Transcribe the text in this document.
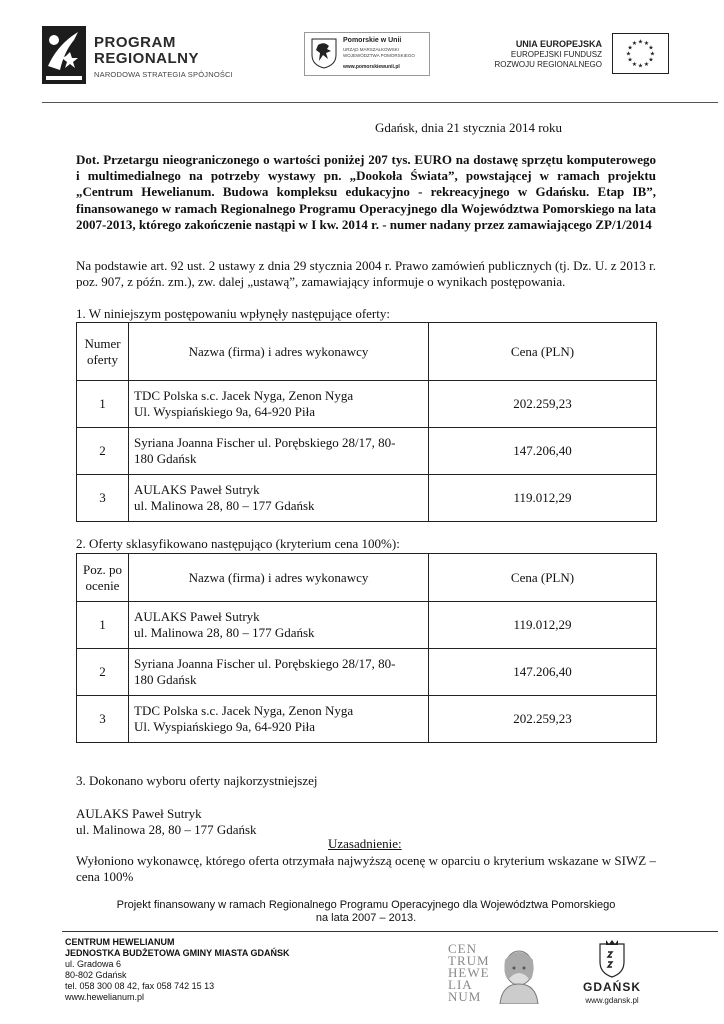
PROGRAM
REGIONALNY
NARODOWA STRATEGIA SPÓJNOŚCI
Pomorskie w Unii
URZĄD MARSZAŁKOWSKI WOJEWÓDZTWA POMORSKIEGO
www.pomorskiewunii.pl
UNIA EUROPEJSKA
EUROPEJSKI FUNDUSZ
ROZWOJU REGIONALNEGO
★ ★
★
★
★
★
★
★
★
★
★
★
Gdańsk, dnia 21 stycznia 2014 roku
Dot. Przetargu nieograniczonego o wartości poniżej 207 tys. EURO na dostawę sprzętu komputerowego i multimedialnego na potrzeby wystawy pn. „Dookoła Świata”, powstającej w ramach projektu „Centrum Hewelianum. Budowa kompleksu edukacyjno - rekreacyjnego w Gdańsku. Etap IB”, finansowanego w ramach Regionalnego Programu Operacyjnego dla Województwa Pomorskiego na lata 2007-2013, którego zakończenie nastąpi w I kw. 2014 r. - numer nadany przez zamawiającego ZP/1/2014
Na podstawie art. 92 ust. 2 ustawy z dnia 29 stycznia 2004 r. Prawo zamówień publicznych (tj. Dz. U. z 2013 r. poz. 907, z późn. zm.), zw. dalej „ustawą”, zamawiający informuje o wynikach postępowania.
1. W niniejszym postępowaniu wpłynęły następujące oferty:
Numer oferty	Nazwa (firma) i adres wykonawcy	Cena (PLN)
1	TDC Polska s.c. Jacek Nyga, Zenon Nyga
Ul. Wyspiańskiego 9a, 64-920 Piła	202.259,23
2	Syriana Joanna Fischer ul. Porębskiego 28/17, 80-
180 Gdańsk	147.206,40
3	AULAKS Paweł Sutryk
ul. Malinowa 28, 80 – 177 Gdańsk	119.012,29
2. Oferty sklasyfikowano następująco (kryterium cena 100%):
Poz. po ocenie	Nazwa (firma) i adres wykonawcy	Cena (PLN)
1	AULAKS Paweł Sutryk
ul. Malinowa 28, 80 – 177 Gdańsk	119.012,29
2	Syriana Joanna Fischer ul. Porębskiego 28/17, 80-
180 Gdańsk	147.206,40
3	TDC Polska s.c. Jacek Nyga, Zenon Nyga
Ul. Wyspiańskiego 9a, 64-920 Piła	202.259,23
3. Dokonano wyboru oferty najkorzystniejszej
AULAKS Paweł Sutryk
ul. Malinowa 28, 80 – 177 Gdańsk
Uzasadnienie:
Wyłoniono wykonawcę, którego oferta otrzymała najwyższą ocenę w oparciu o kryterium wskazane w SIWZ – cena 100%
Projekt finansowany w ramach Regionalnego Programu Operacyjnego dla Województwa Pomorskiego
na lata 2007 – 2013.
CENTRUM HEWELIANUM
JEDNOSTKA BUDŻETOWA GMINY MIASTA GDAŃSK
ul. Gradowa 6
80-802 Gdańsk
tel. 058 300 08 42, fax 058 742 15 13
www.hewelianum.pl
CEN
TRUM
HEWE
LIA
NUM
GDAŃSK
www.gdansk.pl
